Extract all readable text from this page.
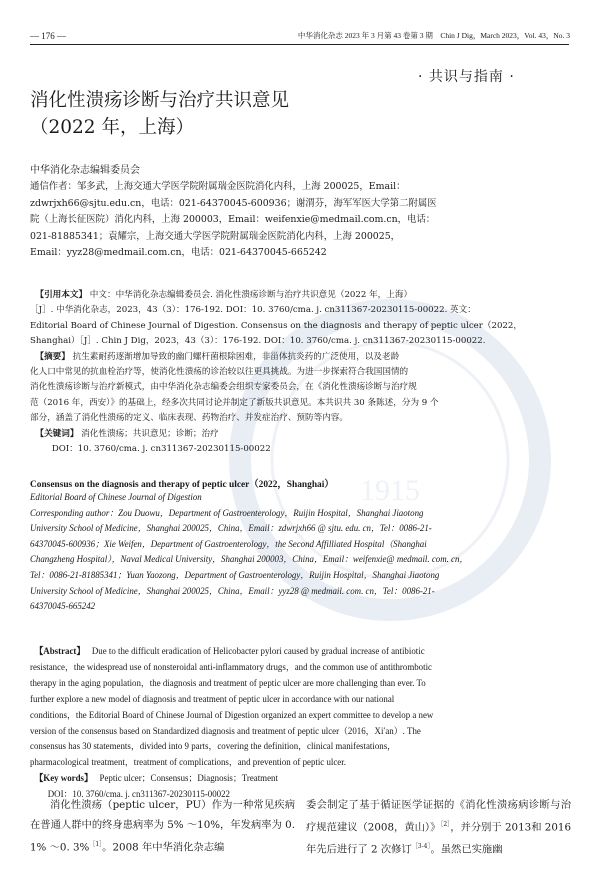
1915
— 176 —	中华消化杂志 2023 年 3 月第 43 卷第 3 期　Chin J Dig，March 2023，Vol. 43，No. 3
· 共识与指南 ·
消化性溃疡诊断与治疗共识意见
（2022 年，上海）
中华消化杂志编辑委员会
通信作者：邹多武，上海交通大学医学院附属瑞金医院消化内科，上海 200025，Email：
zdwrjxh66@sjtu.edu.cn，电话：021-64370045-600936；谢渭芬，海军军医大学第二附属医
院（上海长征医院）消化内科，上海 200003，Email：weifenxie@medmail.com.cn，电话：
021-81885341；袁耀宗，上海交通大学医学院附属瑞金医院消化内科，上海 200025，
Email：yyz28@medmail.com.cn，电话：021-64370045-665242

【引用本文】 中文：中华消化杂志编辑委员会. 消化性溃疡诊断与治疗共识意见（2022 年，上海）

［J］. 中华消化杂志，2023，43（3）：176-192. DOI：10. 3760/cma. j. cn311367-20230115-00022. 英文：

Editorial Board of Chinese Journal of Digestion. Consensus on the diagnosis and therapy of peptic ulcer（2022，

Shanghai）［J］. Chin J Dig，2023，43（3）：176-192. DOI：10. 3760/cma. j. cn311367-20230115-00022.

【摘要】 抗生素耐药逐渐增加导致的幽门螺杆菌根除困难，非甾体抗炎药的广泛使用，以及老龄

化人口中常见的抗血栓治疗等，使消化性溃疡的诊治较以往更具挑战。为进一步探索符合我国国情的

消化性溃疡诊断与治疗新模式，由中华消化杂志编委会组织专家委员会，在《消化性溃疡诊断与治疗规

范（2016 年，西安）》的基础上，经多次共同讨论并制定了新版共识意见。本共识共 30 条陈述，分为 9 个

部分，涵盖了消化性溃疡的定义、临床表现、药物治疗、并发症治疗、预防等内容。

【关键词】 消化性溃疡；共识意见；诊断；治疗

DOI：10. 3760/cma. j. cn311367-20230115-00022

Consensus on the diagnosis and therapy of peptic ulcer（2022，Shanghai）
Editorial Board of Chinese Journal of Digestion
Corresponding author：Zou Duowu，Department of Gastroenterology，Ruijin Hospital，Shanghai Jiaotong
University School of Medicine，Shanghai 200025，China，Email：zdwrjxh66 @ sjtu. edu. cn，Tel：0086-21-
64370045-600936；Xie Weifen，Department of Gastroenterology，the Second Affilliated Hospital（Shanghai
Changzheng Hospital），Naval Medical University，Shanghai 200003，China，Email：weifenxie@ medmail. com. cn，
Tel：0086-21-81885341；Yuan Yaozong，Department of Gastroenterology，Ruijin Hospital，Shanghai Jiaotong
University School of Medicine，Shanghai 200025，China，Email：yyz28 @ medmail. com. cn，Tel：0086-21-
64370045-665242

【Abstract】 Due to the difficult eradication of Helicobacter pylori caused by gradual increase of antibiotic

resistance，the widespread use of nonsteroidal anti-inflammatory drugs，and the common use of antithrombotic

therapy in the aging population，the diagnosis and treatment of peptic ulcer are more challenging than ever. To

further explore a new model of diagnosis and treatment of peptic ulcer in accordance with our national

conditions，the Editorial Board of Chinese Journal of Digestion organized an expert committee to develop a new

version of the consensus based on Standardized diagnosis and treatment of peptic ulcer（2016，Xi′an）. The

consensus has 30 statements，divided into 9 parts，covering the definition，clinical manifestations，

pharmacological treatment，treatment of complications，and prevention of peptic ulcer.

【Key words】 Peptic ulcer；Consensus；Diagnosis；Treatment

DOI：10. 3760/cma. j. cn311367-20230115-00022

消化性溃疡（peptic ulcer，PU）作为一种常见疾病在普通人群中的终身患病率为 5% ～10%，年发病率为 0. 1% ～0. 3%$^{[1]}$。2008 年中华消化杂志编
委会制定了基于循证医学证据的《消化性溃疡病诊断与治疗规范建议（2008，黄山）》$^{[2]}$，并分别于 2013和 2016 年先后进行了 2 次修订$^{[3-4]}$。虽然已实施幽
